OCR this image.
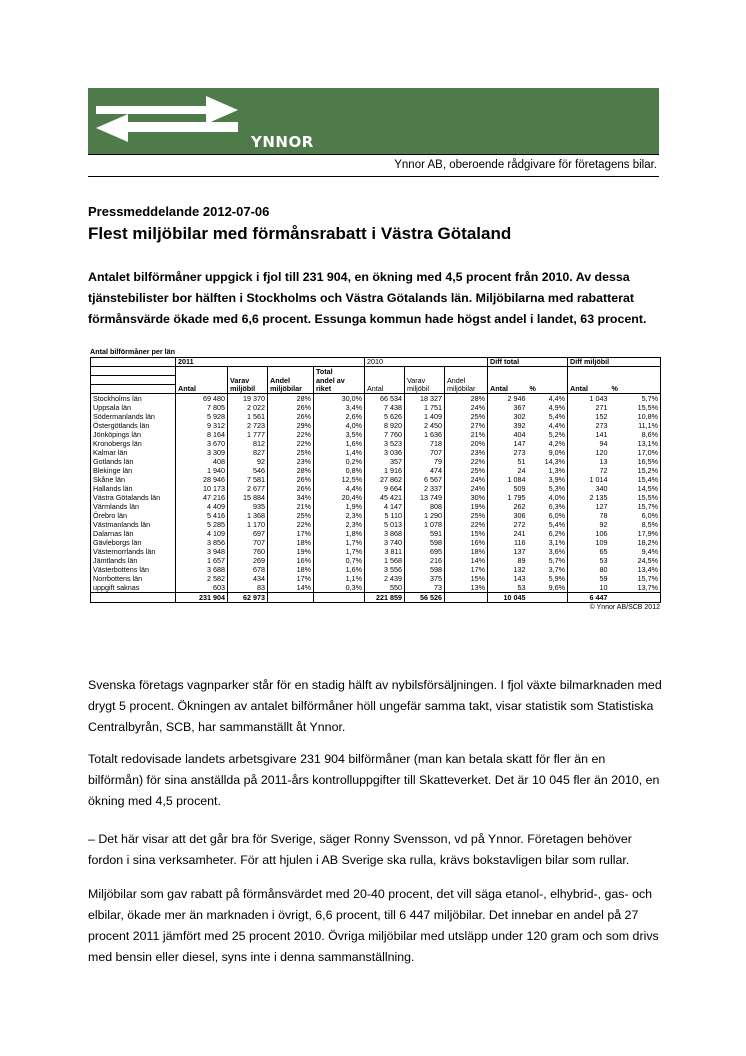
YNNOR
Ynnor AB, oberoende rådgivare för företagens bilar.
Pressmeddelande 2012-07-06
Flest miljöbilar med förmånsrabatt i Västra Götaland

Antalet bilförmåner uppgick i fjol till 231 904, en ökning med 4,5 procent från 2010. Av dessa tjänstebilister bor hälften i Stockholms och Västra Götalands län. Miljöbilarna med rabatterat förmånsvärde ökade med 6,6 procent. Essunga kommun hade högst andel i landet, 63 procent.

Antal bilförmåner per län
	2011				2010			Diff total		Diff miljöbil	
				Total							
		Varav	Andel	andel av		Varav	Andel				
	Antal	miljöbil	miljöbilar	riket	Antal	miljöbil	miljöbilar	Antal	%	Antal	%
Stockholms län	69 480	19 370	28%	30,0%	66 534	18 327	28%	2 946	4,4%	1 043	5,7%
Uppsala län	7 805	2 022	26%	3,4%	7 438	1 751	24%	367	4,9%	271	15,5%
Södermanlands län	5 928	1 561	26%	2,6%	5 626	1 409	25%	302	5,4%	152	10,8%
Östergötlands län	9 312	2 723	29%	4,0%	8 920	2 450	27%	392	4,4%	273	11,1%
Jönköpings län	8 164	1 777	22%	3,5%	7 760	1 636	21%	404	5,2%	141	8,6%
Kronobergs län	3 670	812	22%	1,6%	3 523	718	20%	147	4,2%	94	13,1%
Kalmar län	3 309	827	25%	1,4%	3 036	707	23%	273	9,0%	120	17,0%
Gotlands län	408	92	23%	0,2%	357	79	22%	51	14,3%	13	16,5%
Blekinge län	1 940	546	28%	0,8%	1 916	474	25%	24	1,3%	72	15,2%
Skåne län	28 946	7 581	26%	12,5%	27 862	6 567	24%	1 084	3,9%	1 014	15,4%
Hallands län	10 173	2 677	26%	4,4%	9 664	2 337	24%	509	5,3%	340	14,5%
Västra Götalands län	47 216	15 884	34%	20,4%	45 421	13 749	30%	1 795	4,0%	2 135	15,5%
Värmlands län	4 409	935	21%	1,9%	4 147	808	19%	262	6,3%	127	15,7%
Örebro län	5 416	1 368	25%	2,3%	5 110	1 290	25%	306	6,0%	78	6,0%
Västmanlands län	5 285	1 170	22%	2,3%	5 013	1 078	22%	272	5,4%	92	8,5%
Dalarnas län	4 109	697	17%	1,8%	3 868	591	15%	241	6,2%	106	17,9%
Gävleborgs län	3 856	707	18%	1,7%	3 740	598	16%	116	3,1%	109	18,2%
Västernorrlands län	3 948	760	19%	1,7%	3 811	695	18%	137	3,6%	65	9,4%
Jämtlands län	1 657	269	16%	0,7%	1 568	216	14%	89	5,7%	53	24,5%
Västerbottens län	3 688	678	18%	1,6%	3 556	598	17%	132	3,7%	80	13,4%
Norrbottens län	2 582	434	17%	1,1%	2 439	375	15%	143	5,9%	59	15,7%
uppgift saknas	603	83	14%	0,3%	550	73	13%	53	9,6%	10	13,7%
	231 904	62 973			221 859	56 526		10 045		6 447	
© Ynnor AB/SCB 2012

Svenska företags vagnparker står för en stadig hälft av nybilsförsäljningen. I fjol växte bilmarknaden med drygt 5 procent. Ökningen av antalet bilförmåner höll ungefär samma takt, visar statistik som Statistiska Centralbyrån, SCB, har sammanställt åt Ynnor.

Totalt redovisade landets arbetsgivare 231 904 bilförmåner (man kan betala skatt för fler än en bilförmån) för sina anställda på 2011-års kontrolluppgifter till Skatteverket. Det är 10 045 fler än 2010, en ökning med 4,5 procent.

– Det här visar att det går bra för Sverige, säger Ronny Svensson, vd på Ynnor. Företagen behöver fordon i sina verksamheter. För att hjulen i AB Sverige ska rulla, krävs bokstavligen bilar som rullar.

Miljöbilar som gav rabatt på förmånsvärdet med 20-40 procent, det vill säga etanol-, elhybrid-, gas- och elbilar, ökade mer än marknaden i övrigt, 6,6 procent, till 6 447 miljöbilar. Det innebar en andel på 27 procent 2011 jämfört med 25 procent 2010. Övriga miljöbilar med utsläpp under 120 gram och som drivs med bensin eller diesel, syns inte i denna sammanställning.
